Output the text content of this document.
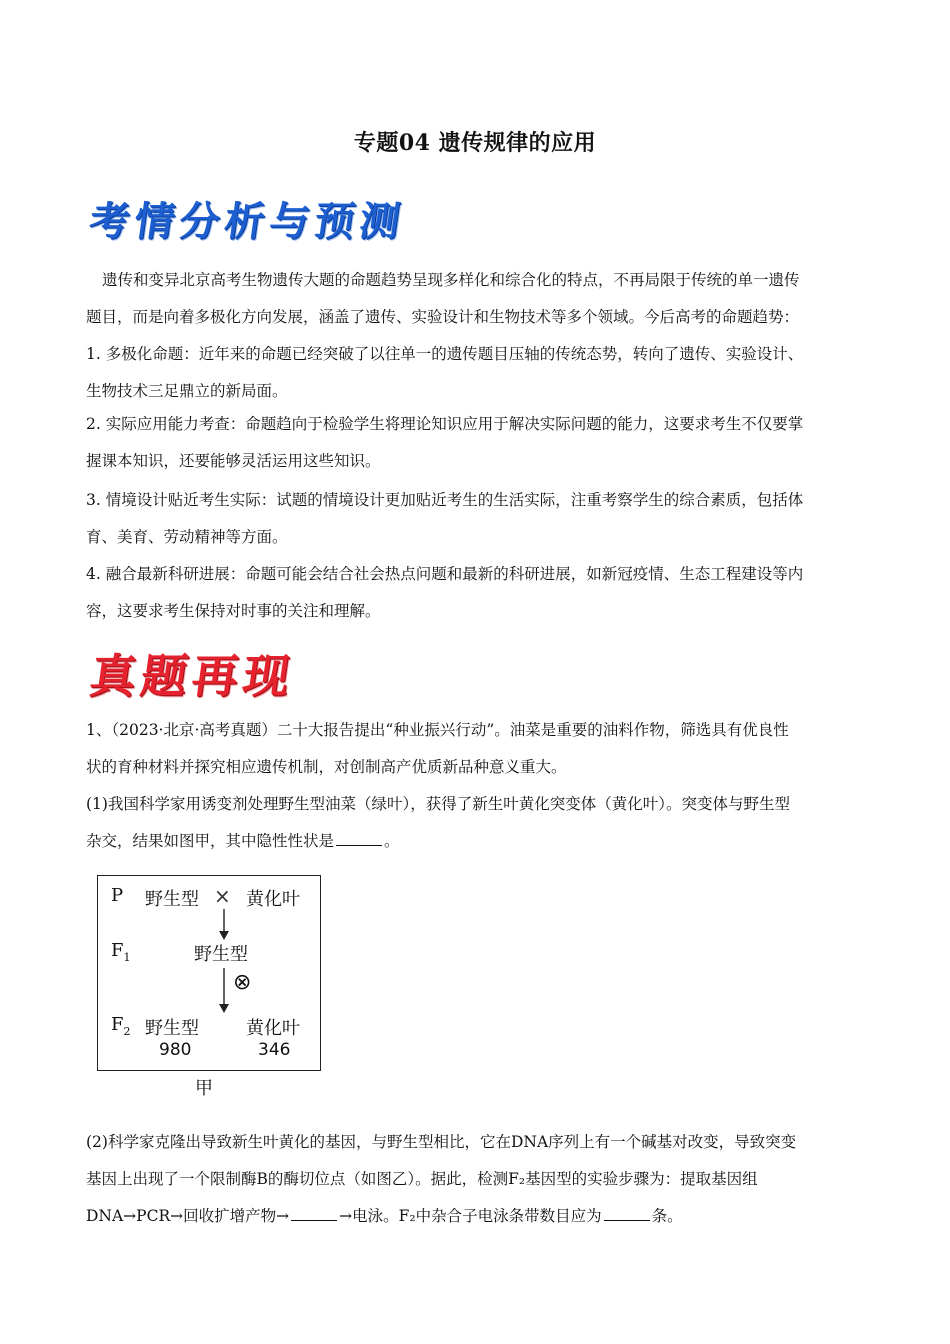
专题04 遗传规律的应用
考情分析与预测
遗传和变异北京高考生物遗传大题的命题趋势呈现多样化和综合化的特点，不再局限于传统的单一遗传
题目，而是向着多极化方向发展，涵盖了遗传、实验设计和生物技术等多个领域。今后高考的命题趋势：
1. 多极化命题：近年来的命题已经突破了以往单一的遗传题目压轴的传统态势，转向了遗传、实验设计、
生物技术三足鼎立的新局面。
2. 实际应用能力考查：命题趋向于检验学生将理论知识应用于解决实际问题的能力，这要求考生不仅要掌
握课本知识，还要能够灵活运用这些知识。
3. 情境设计贴近考生实际：试题的情境设计更加贴近考生的生活实际，注重考察学生的综合素质，包括体
育、美育、劳动精神等方面。
4. 融合最新科研进展：命题可能会结合社会热点问题和最新的科研进展，如新冠疫情、生态工程建设等内
容，这要求考生保持对时事的关注和理解。
真题再现
1、（2023·北京·高考真题）二十大报告提出“种业振兴行动”。油菜是重要的油料作物，筛选具有优良性
状的育种材料并探究相应遗传机制，对创制高产优质新品种意义重大。
(1)我国科学家用诱变剂处理野生型油菜（绿叶），获得了新生叶黄化突变体（黄化叶）。突变体与野生型
杂交，结果如图甲，其中隐性性状是	。
P 野生型 × 黄化叶
$F_1$	野生型
⊗
$F_2$ 野生型	黄化叶
980	346
甲
(2)科学家克隆出导致新生叶黄化的基因，与野生型相比，它在DNA序列上有一个碱基对改变，导致突变
基因上出现了一个限制酶B的酶切位点（如图乙）。据此，检测F₂基因型的实验步骤为：提取基因组
DNA→PCR→回收扩增产物→	→电泳。F₂中杂合子电泳条带数目应为	条。
